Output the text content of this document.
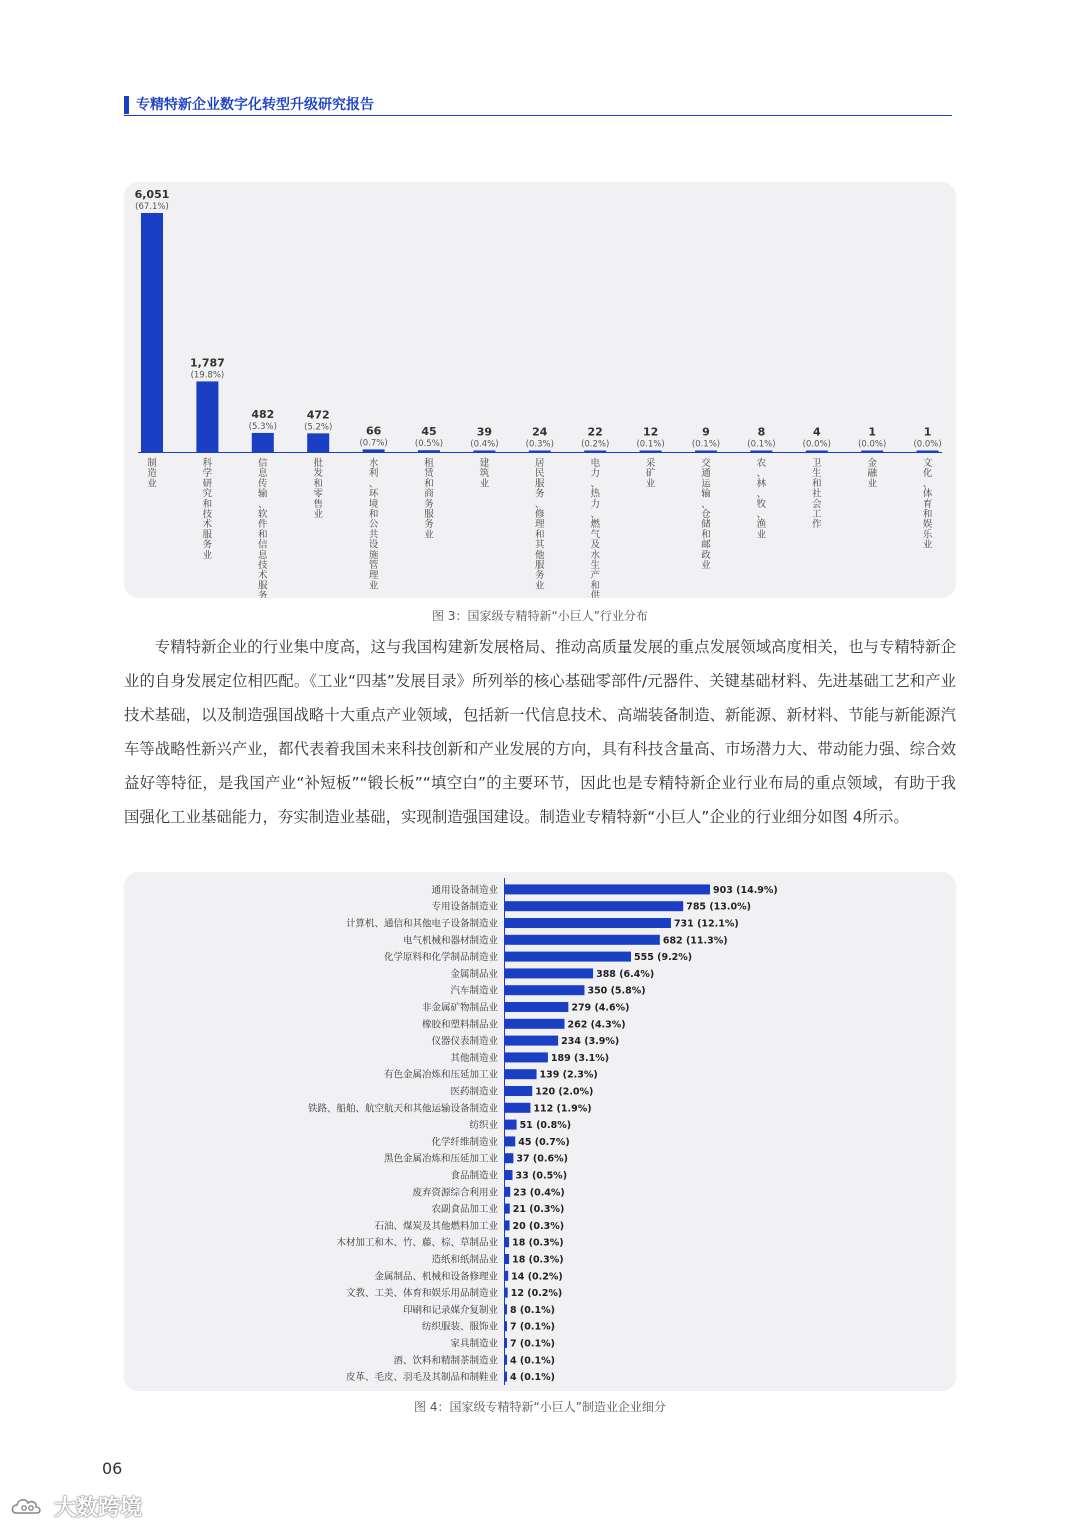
专精特新企业数字化转型升级研究报告
6,051
(67.1%)
制造业
1,787
(19.8%)
科学研究和技术服务业
482
(5.3%)
信息传输、软件和信息技术服务
472
(5.2%)
批发和零售业
66
(0.7%)
水利、环境和公共设施管理业
45
(0.5%)
租赁和商务服务业
39
(0.4%)
建筑业
24
(0.3%)
居民服务、修理和其他服务业
22
(0.2%)
电力、热力、燃气及水生产和供
12
(0.1%)
采矿业
9
(0.1%)
交通运输、仓储和邮政业
8
(0.1%)
农、林、牧、渔业
4
(0.0%)
卫生和社会工作
1
(0.0%)
金融业
1
(0.0%)
文化、体育和娱乐业
图 3：国家级专精特新“小巨人”行业分布

专精特新企业的行业集中度高，这与我国构建新发展格局、推动高质量发展的重点发展领域高度相关，也与专精特新企业的自身发展定位相匹配。《工业“四基”发展目录》所列举的核心基础零部件/元器件、关键基础材料、先进基础工艺和产业技术基础，以及制造强国战略十大重点产业领域，包括新一代信息技术、高端装备制造、新能源、新材料、节能与新能源汽车等战略性新兴产业，都代表着我国未来科技创新和产业发展的方向，具有科技含量高、市场潜力大、带动能力强、综合效益好等特征，是我国产业“补短板”“锻长板”“填空白”的主要环节，因此也是专精特新企业行业布局的重点领域，有助于我国强化工业基础能力，夯实制造业基础，实现制造强国建设。制造业专精特新“小巨人”企业的行业细分如图 4所示。

通用设备制造业	903 (14.9%)
专用设备制造业	785 (13.0%)
计算机、通信和其他电子设备制造业	731 (12.1%)
电气机械和器材制造业	682 (11.3%)
化学原料和化学制品制造业	555 (9.2%)
金属制品业	388 (6.4%)
汽车制造业	350 (5.8%)
非金属矿物制品业	279 (4.6%)
橡胶和塑料制品业	262 (4.3%)
仪器仪表制造业	234 (3.9%)
其他制造业	189 (3.1%)
有色金属冶炼和压延加工业	139 (2.3%)
医药制造业	120 (2.0%)
铁路、船舶、航空航天和其他运输设备制造业	112 (1.9%)
纺织业 51 (0.8%)
化学纤维制造业 45 (0.7%)
黑色金属冶炼和压延加工业 37 (0.6%)
食品制造业 33 (0.5%)
废弃资源综合利用业 23 (0.4%)
农副食品加工业 21 (0.3%)
石油、煤炭及其他燃料加工业 20 (0.3%)
木材加工和木、竹、藤、棕、草制品业 18 (0.3%)
造纸和纸制品业 18 (0.3%)
金属制品、机械和设备修理业 14 (0.2%)
文教、工美、体育和娱乐用品制造业 12 (0.2%)
印刷和记录媒介复制业 8 (0.1%)
纺织服装、服饰业 7 (0.1%)
家具制造业 7 (0.1%)
酒、饮料和精制茶制造业 4 (0.1%)
皮革、毛皮、羽毛及其制品和制鞋业 4 (0.1%)
图 4：国家级专精特新“小巨人”制造业企业细分
06
大数跨境
